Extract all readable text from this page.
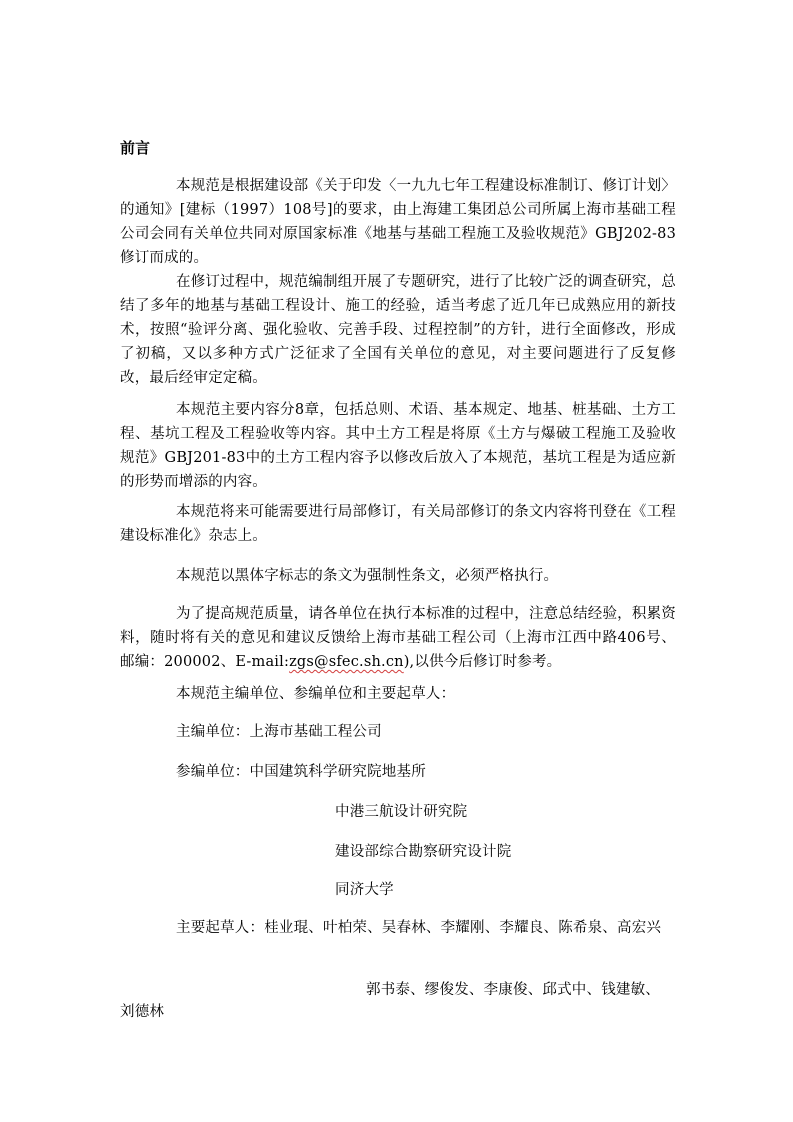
前言
本规范是根据建设部《关于印发〈一九九七年工程建设标准制订、修订计划〉的通知》[建标（1997）108号]的要求，由上海建工集团总公司所属上海市基础工程公司会同有关单位共同对原国家标准《地基与基础工程施工及验收规范》GBJ202-83修订而成的。
在修订过程中，规范编制组开展了专题研究，进行了比较广泛的调查研究，总结了多年的地基与基础工程设计、施工的经验，适当考虑了近几年已成熟应用的新技术，按照“验评分离、强化验收、完善手段、过程控制”的方针，进行全面修改，形成了初稿，又以多种方式广泛征求了全国有关单位的意见，对主要问题进行了反复修改，最后经审定定稿。
本规范主要内容分8章，包括总则、术语、基本规定、地基、桩基础、土方工程、基坑工程及工程验收等内容。其中土方工程是将原《土方与爆破工程施工及验收规范》GBJ201-83中的土方工程内容予以修改后放入了本规范，基坑工程是为适应新的形势而增添的内容。
本规范将来可能需要进行局部修订，有关局部修订的条文内容将刊登在《工程建设标准化》杂志上。
本规范以黑体字标志的条文为强制性条文，必须严格执行。
为了提高规范质量，请各单位在执行本标准的过程中，注意总结经验，积累资料，随时将有关的意见和建议反馈给上海市基础工程公司（上海市江西中路406号、邮编：200002、E-mail:zgs@sfec.sh.cn),以供今后修订时参考。
本规范主编单位、参编单位和主要起草人：
主编单位：上海市基础工程公司
参编单位：中国建筑科学研究院地基所
中港三航设计研究院
建设部综合勘察研究设计院
同济大学
主要起草人：桂业琨、叶柏荣、吴春林、李耀刚、李耀良、陈希泉、高宏兴
郭书泰、缪俊发、李康俊、邱式中、钱建敏、
刘德林
